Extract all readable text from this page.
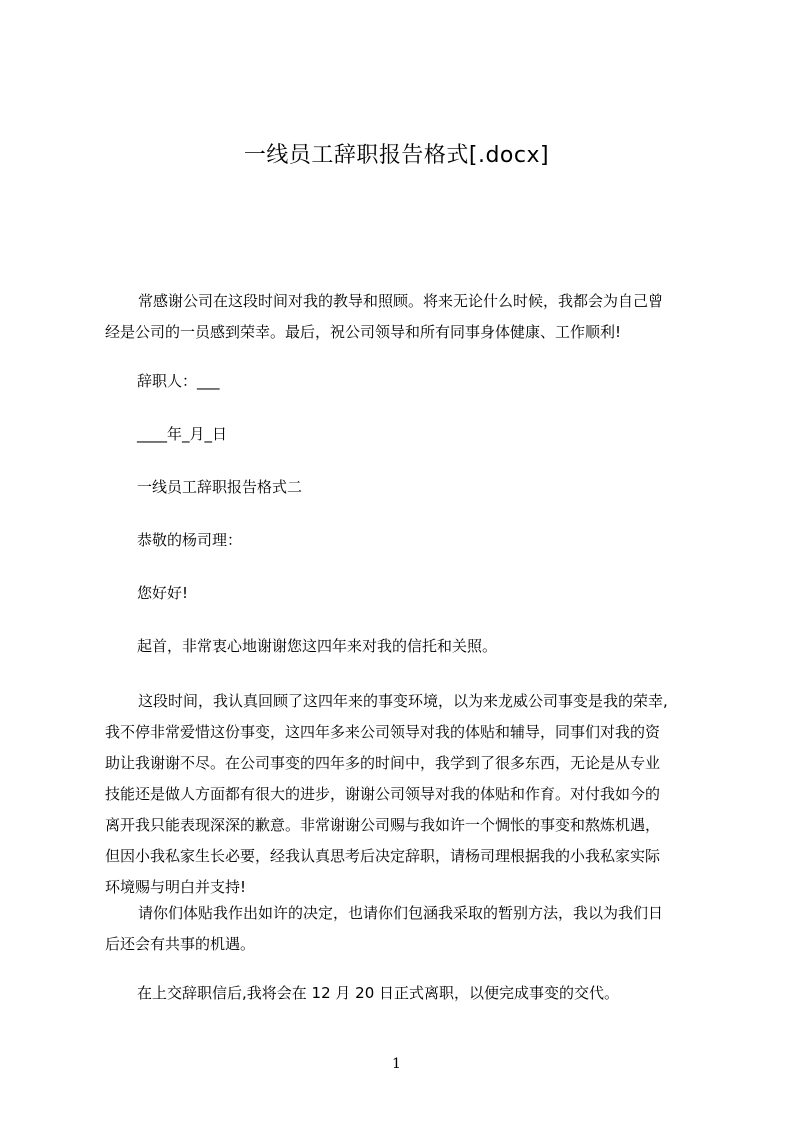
一线员工辞职报告格式[.docx]
常感谢公司在这段时间对我的教导和照顾。将来无论什么时候，我都会为自己曾
经是公司的一员感到荣幸。最后，祝公司领导和所有同事身体健康、工作顺利!
辞职人：___
____年_月_日
一线员工辞职报告格式二
恭敬的杨司理：
您好好!
起首，非常衷心地谢谢您这四年来对我的信托和关照。
这段时间，我认真回顾了这四年来的事变环境，以为来龙威公司事变是我的荣幸,
我不停非常爱惜这份事变，这四年多来公司领导对我的体贴和辅导，同事们对我的资
助让我谢谢不尽。在公司事变的四年多的时间中，我学到了很多东西，无论是从专业
技能还是做人方面都有很大的进步，谢谢公司领导对我的体贴和作育。对付我如今的
离开我只能表现深深的歉意。非常谢谢公司赐与我如许一个惆怅的事变和熬炼机遇，
但因小我私家生长必要，经我认真思考后决定辞职，请杨司理根据我的小我私家实际
环境赐与明白并支持!
请你们体贴我作出如许的决定，也请你们包涵我采取的暂别方法，我以为我们日
后还会有共事的机遇。
在上交辞职信后,我将会在 12 月 20 日正式离职，以便完成事变的交代。
1
